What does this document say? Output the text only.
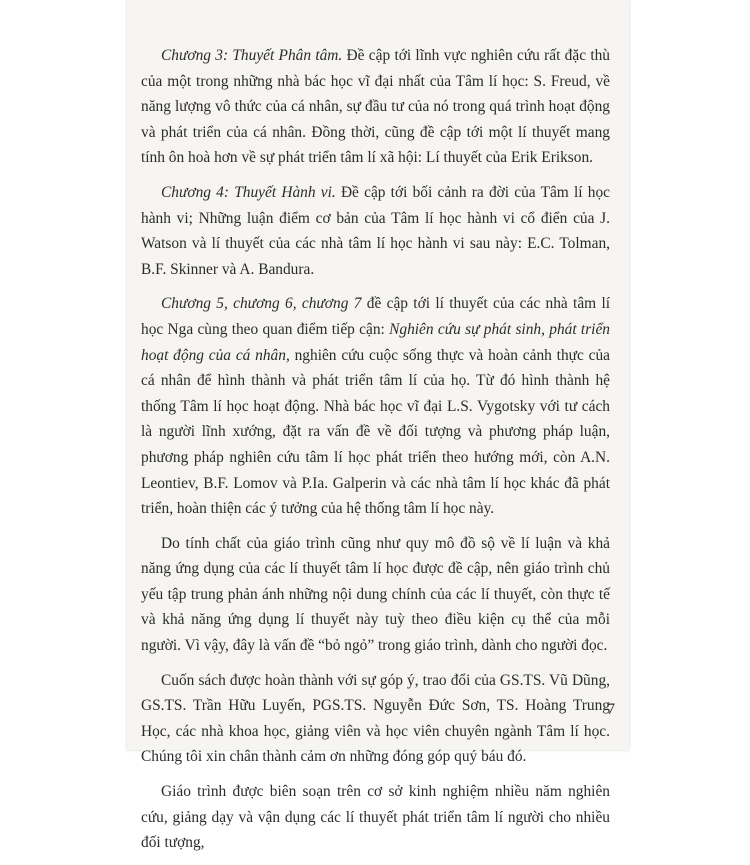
Chương 3: Thuyết Phân tâm. Đề cập tới lĩnh vực nghiên cứu rất đặc thù của một trong những nhà bác học vĩ đại nhất của Tâm lí học: S. Freud, về năng lượng vô thức của cá nhân, sự đầu tư của nó trong quá trình hoạt động và phát triển của cá nhân. Đồng thời, cũng đề cập tới một lí thuyết mang tính ôn hoà hơn về sự phát triển tâm lí xã hội: Lí thuyết của Erik Erikson.

Chương 4: Thuyết Hành vi. Đề cập tới bối cảnh ra đời của Tâm lí học hành vi; Những luận điểm cơ bản của Tâm lí học hành vi cổ điển của J. Watson và lí thuyết của các nhà tâm lí học hành vi sau này: E.C. Tolman, B.F. Skinner và A. Bandura.

Chương 5, chương 6, chương 7 đề cập tới lí thuyết của các nhà tâm lí học Nga cùng theo quan điểm tiếp cận: Nghiên cứu sự phát sinh, phát triển hoạt động của cá nhân, nghiên cứu cuộc sống thực và hoàn cảnh thực của cá nhân để hình thành và phát triển tâm lí của họ. Từ đó hình thành hệ thống Tâm lí học hoạt động. Nhà bác học vĩ đại L.S. Vygotsky với tư cách là người lĩnh xướng, đặt ra vấn đề về đối tượng và phương pháp luận, phương pháp nghiên cứu tâm lí học phát triển theo hướng mới, còn A.N. Leontiev, B.F. Lomov và P.Ia. Galperin và các nhà tâm lí học khác đã phát triển, hoàn thiện các ý tưởng của hệ thống tâm lí học này.

Do tính chất của giáo trình cũng như quy mô đồ sộ về lí luận và khả năng ứng dụng của các lí thuyết tâm lí học được đề cập, nên giáo trình chủ yếu tập trung phản ánh những nội dung chính của các lí thuyết, còn thực tế và khả năng ứng dụng lí thuyết này tuỳ theo điều kiện cụ thể của mỗi người. Vì vậy, đây là vấn đề “bỏ ngỏ” trong giáo trình, dành cho người đọc.

Cuốn sách được hoàn thành với sự góp ý, trao đổi của GS.TS. Vũ Dũng, GS.TS. Trần Hữu Luyến, PGS.TS. Nguyễn Đức Sơn, TS. Hoàng Trung Học, các nhà khoa học, giảng viên và học viên chuyên ngành Tâm lí học. Chúng tôi xin chân thành cảm ơn những đóng góp quý báu đó.

Giáo trình được biên soạn trên cơ sở kinh nghiệm nhiều năm nghiên cứu, giảng dạy và vận dụng các lí thuyết phát triển tâm lí người cho nhiều đối tượng,

7
